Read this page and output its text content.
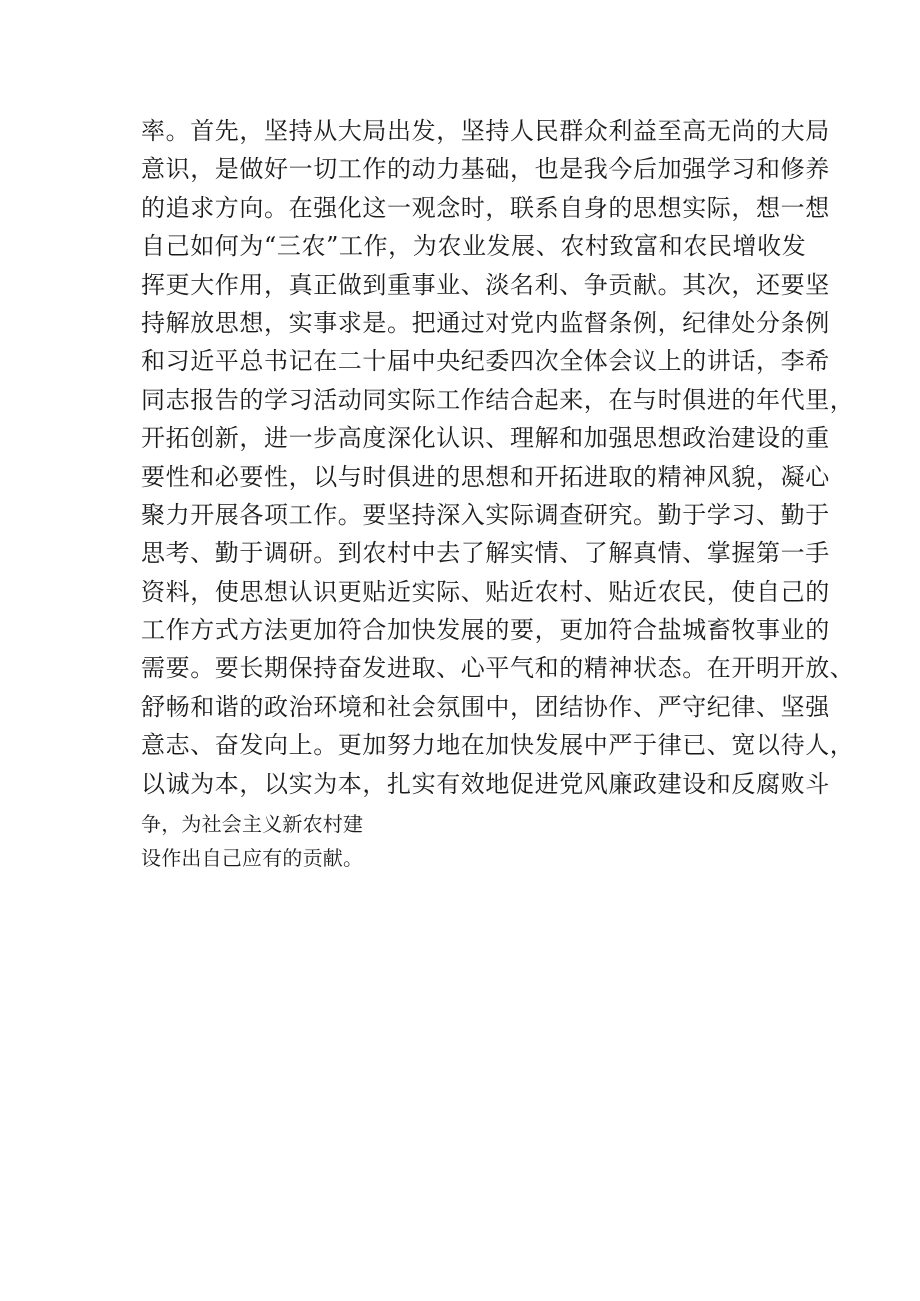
率。首先，坚持从大局出发，坚持人民群众利益至高无尚的大局
意识，是做好一切工作的动力基础，也是我今后加强学习和修养
的追求方向。在强化这一观念时，联系自身的思想实际，想一想
自己如何为“三农”工作，为农业发展、农村致富和农民增收发
挥更大作用，真正做到重事业、淡名利、争贡献。其次，还要坚
持解放思想，实事求是。把通过对党内监督条例，纪律处分条例
和习近平总书记在二十届中央纪委四次全体会议上的讲话，李希
同志报告的学习活动同实际工作结合起来，在与时俱进的年代里，
开拓创新，进一步高度深化认识、理解和加强思想政治建设的重
要性和必要性，以与时俱进的思想和开拓进取的精神风貌，凝心
聚力开展各项工作。要坚持深入实际调查研究。勤于学习、勤于
思考、勤于调研。到农村中去了解实情、了解真情、掌握第一手
资料，使思想认识更贴近实际、贴近农村、贴近农民，使自己的
工作方式方法更加符合加快发展的要，更加符合盐城畜牧事业的
需要。要长期保持奋发进取、心平气和的精神状态。在开明开放、
舒畅和谐的政治环境和社会氛围中，团结协作、严守纪律、坚强
意志、奋发向上。更加努力地在加快发展中严于律已、宽以待人，
以诚为本，以实为本，扎实有效地促进党风廉政建设和反腐败斗
争，为社会主义新农村建
设作出自己应有的贡献。
